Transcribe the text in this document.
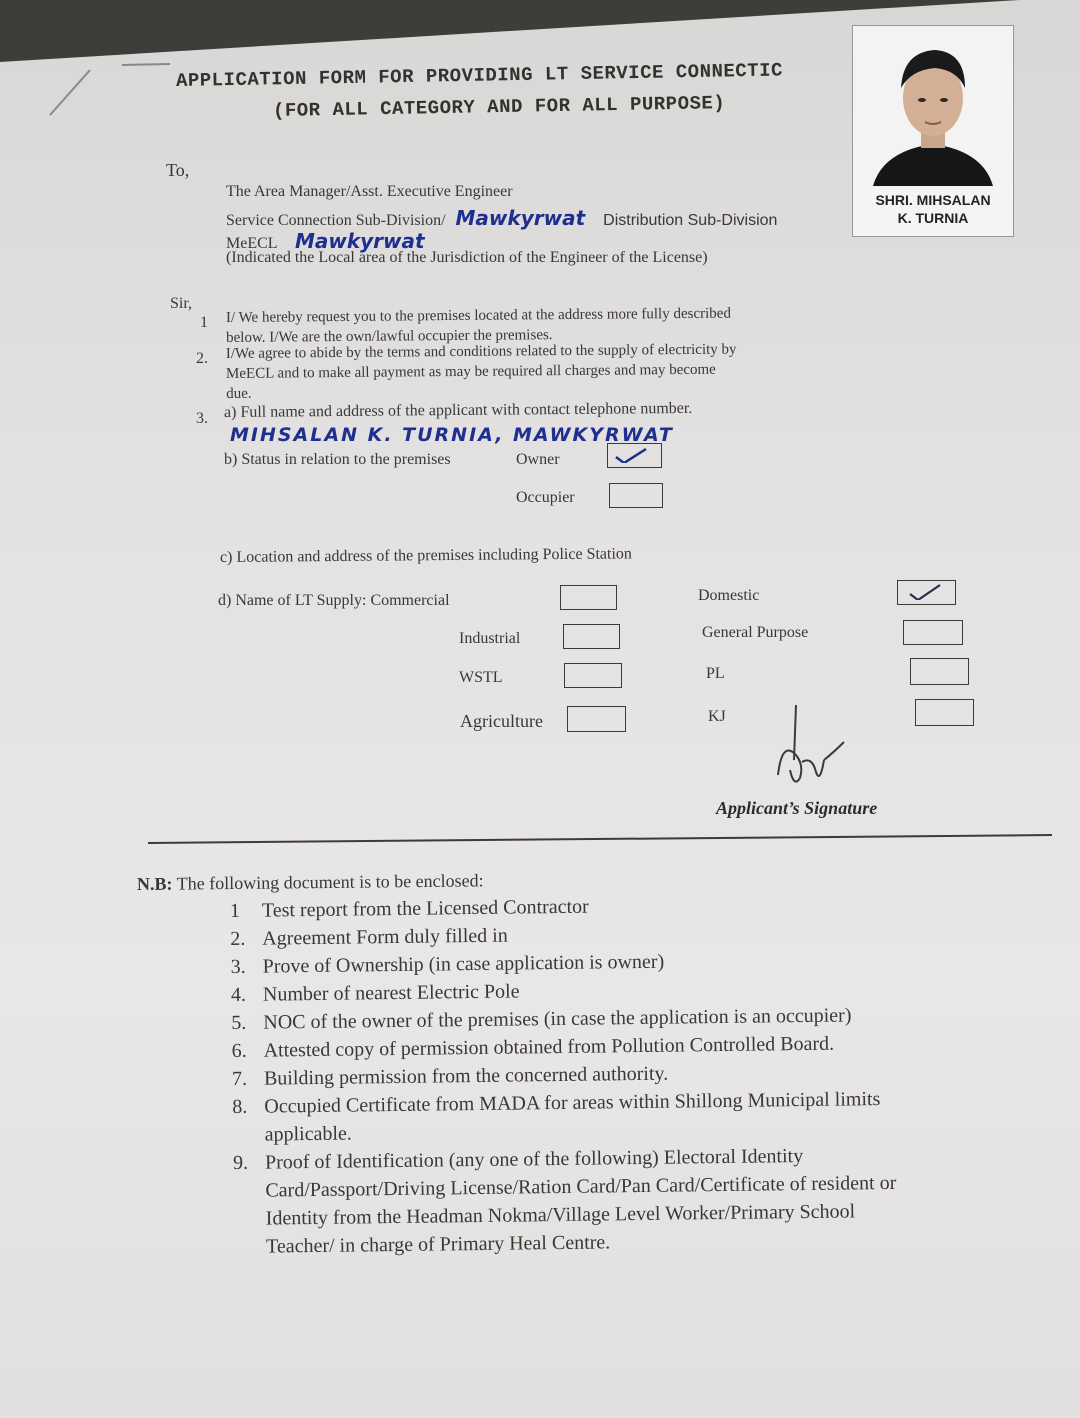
APPLICATION FORM FOR PROVIDING LT SERVICE CONNECTIC
(FOR ALL CATEGORY AND FOR ALL PURPOSE)
SHRI. MIHSALAN
K. TURNIA
To,
The Area Manager/Asst. Executive Engineer
Service Connection Sub-Division/ Mawkyrwat Distribution Sub-Division
MeECL Mawkyrwat
(Indicated the Local area of the Jurisdiction of the Engineer of the License)
Sir,
1 I/ We hereby request you to the premises located at the address more fully described
below. I/We are the own/lawful occupier the premises.
2. I/We agree to abide by the terms and conditions related to the supply of electricity by
MeECL and to make all payment as may be required all charges and may become
due.
3. a) Full name and address of the applicant with contact telephone number.
MIHSALAN K. TURNIA, MAWKYRWAT
b) Status in relation to the premises	Owner
Occupier
c) Location and address of the premises including Police Station
d) Name of LT Supply: Commercial
Industrial
WSTL
Agriculture
Domestic
General Purpose
PL
KJ
Applicant’s Signature
N.B: The following document is to be enclosed:
1 Test report from the Licensed Contractor
2. Agreement Form duly filled in
3. Prove of Ownership (in case application is owner)
4. Number of nearest Electric Pole
5. NOC of the owner of the premises (in case the application is an occupier)
6. Attested copy of permission obtained from Pollution Controlled Board.
7. Building permission from the concerned authority.
8. Occupied Certificate from MADA for areas within Shillong Municipal limits
applicable.
9. Proof of Identification (any one of the following) Electoral Identity
Card/Passport/Driving License/Ration Card/Pan Card/Certificate of resident or
Identity from the Headman Nokma/Village Level Worker/Primary School
Teacher/ in charge of Primary Heal Centre.
